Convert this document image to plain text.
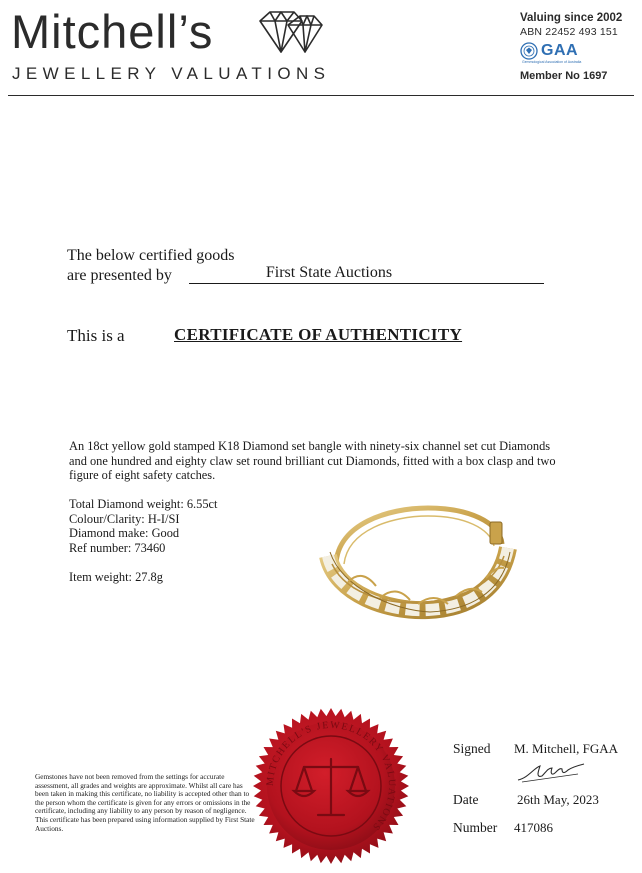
Mitchell’s
JEWELLERY VALUATIONS
Valuing since 2002
ABN 22452 493 151
GAA
Gemmological Association of Australia
Member No 1697
The below certified goods
are presented by	First State Auctions
This is a	CERTIFICATE OF AUTHENTICITY
An 18ct yellow gold stamped K18 Diamond set bangle with ninety-six channel set cut Diamonds and one hundred and eighty claw set round brilliant cut Diamonds, fitted with a box clasp and two figure of eight safety catches.
Total Diamond weight: 6.55ct
Colour/Clarity: H-I/SI
Diamond make: Good
Ref number: 73460
Item weight: 27.8g
Gemstones have not been removed from the settings for accurate assessment, all grades and weights are approximate. Whilst all care has been taken in making this certificate, no liability is accepted other than to the person whom the certificate is given for any errors or omissions in the certificate, including any liability to any person by reason of negligence. This certificate has been prepared using information supplied by First State Auctions.
MITCHELL'S JEWELLERY VALUATIONS
Signed M. Mitchell, FGAA
Date	26th May, 2023
Number 417086
